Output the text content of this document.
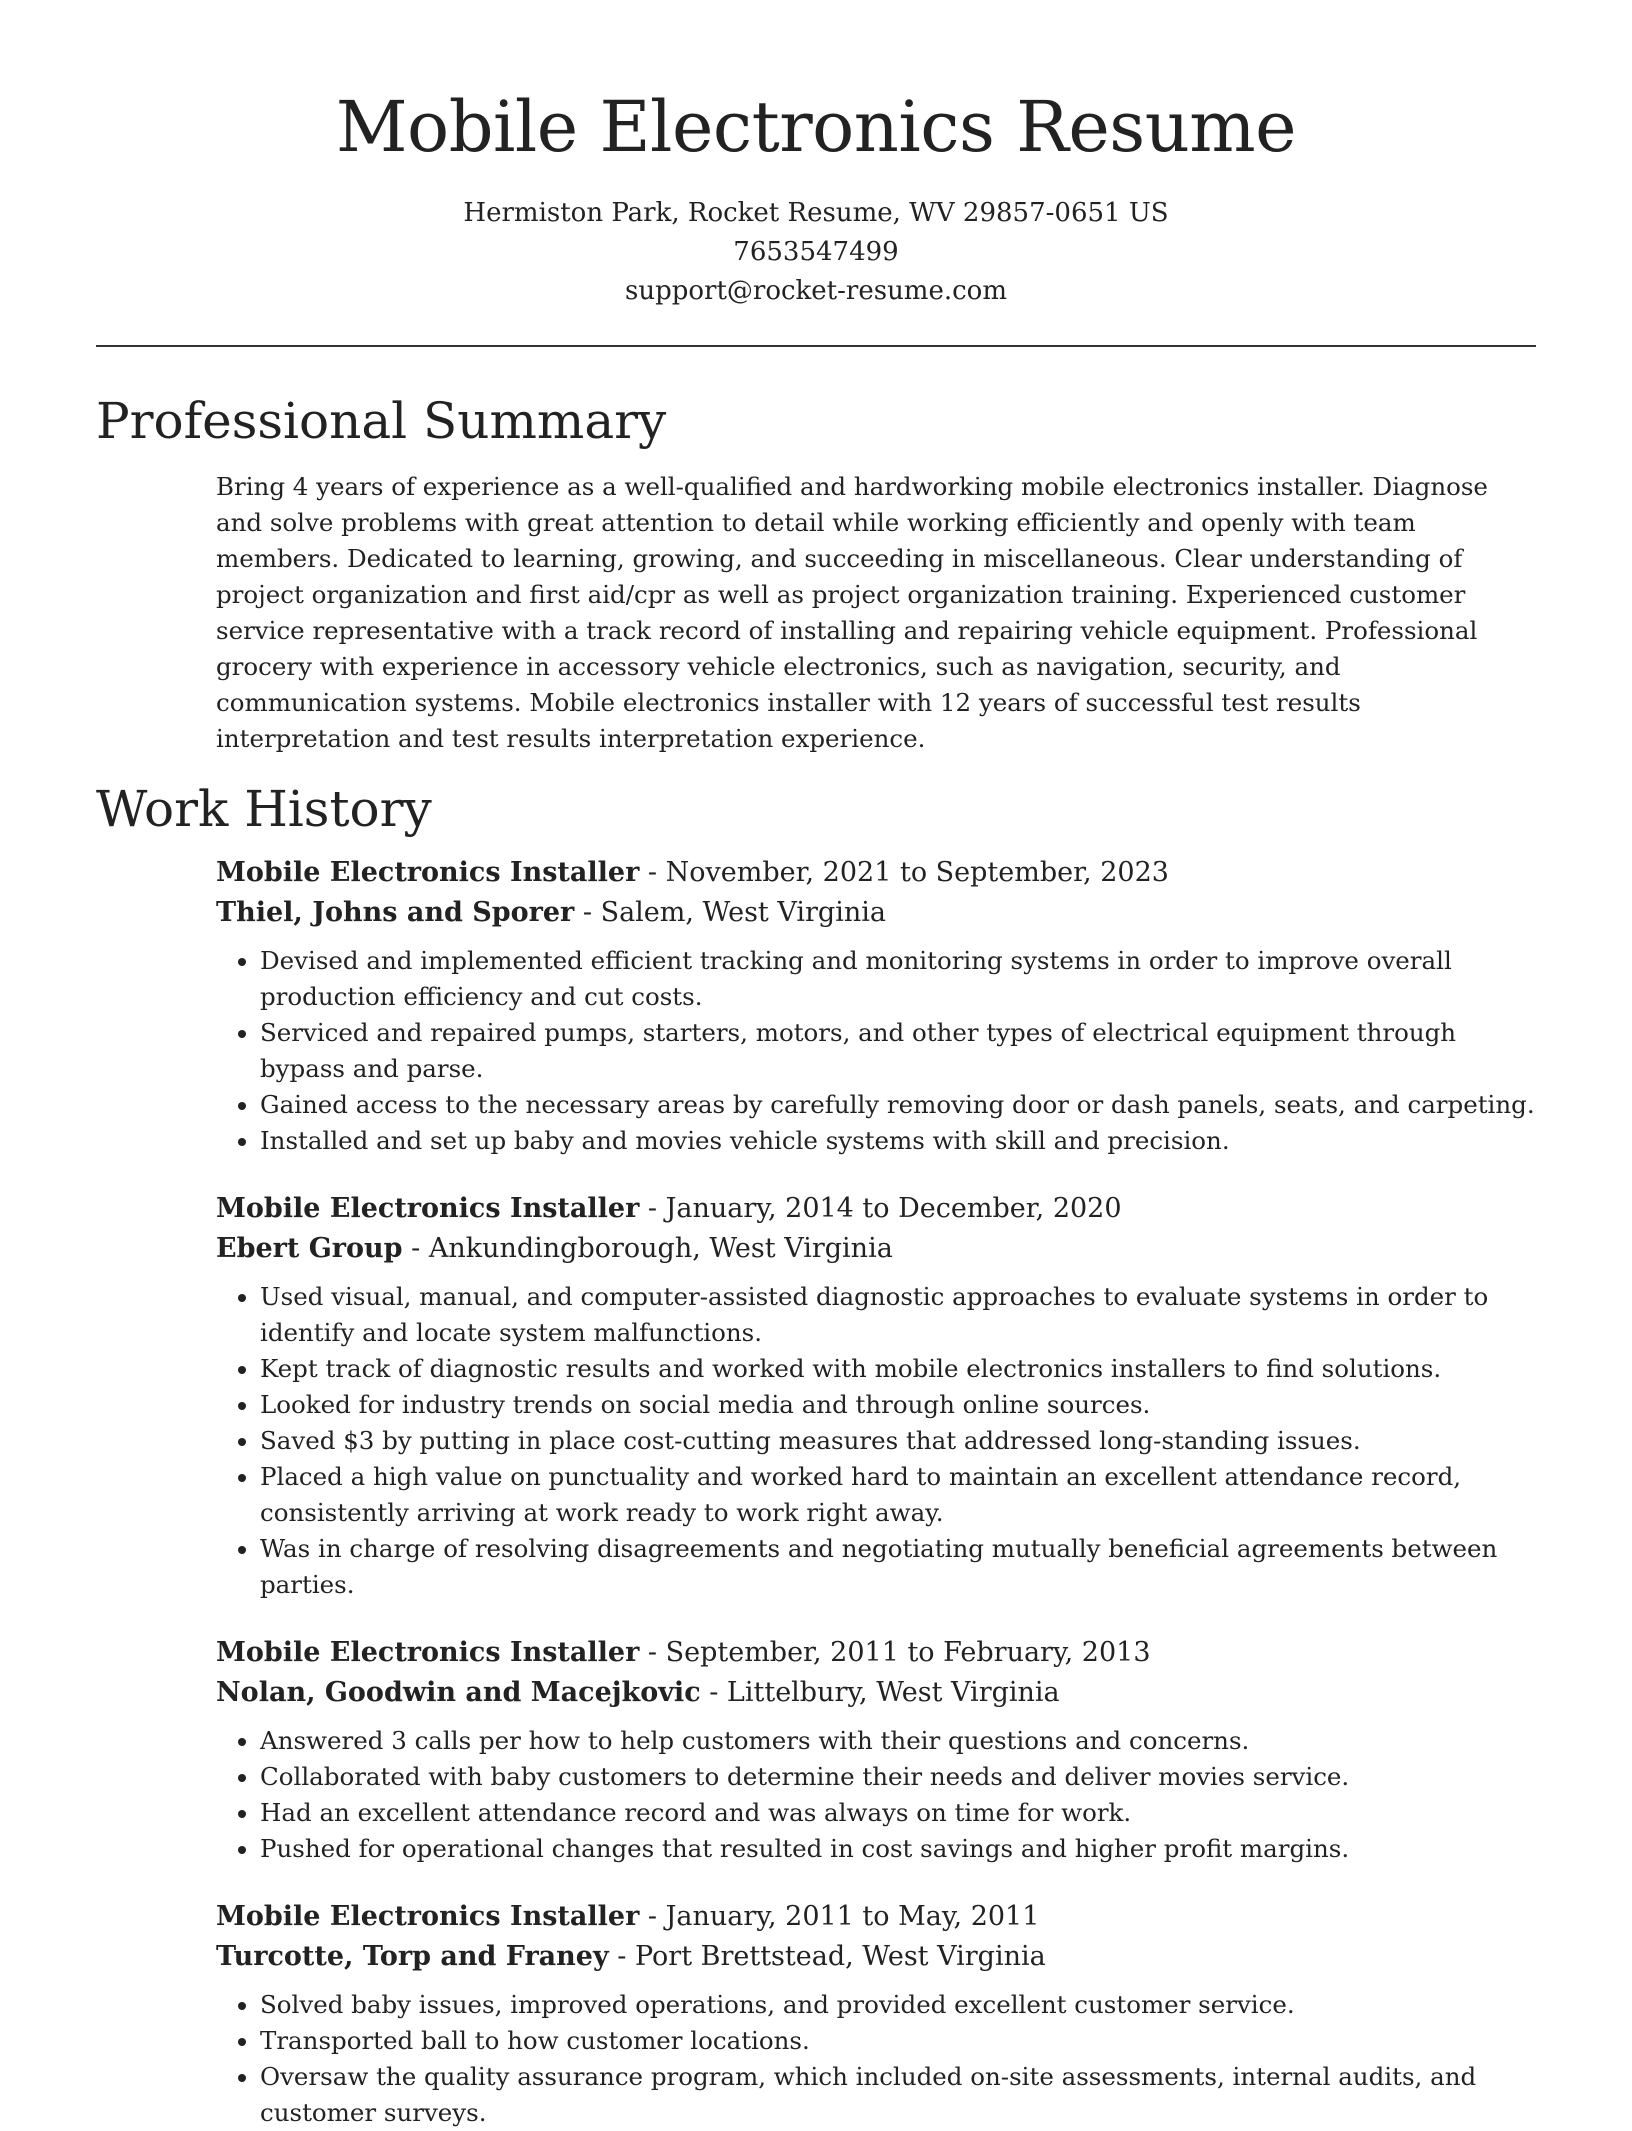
Mobile Electronics Resume
Hermiston Park, Rocket Resume, WV 29857-0651 US
7653547499
support@rocket-resume.com
Professional Summary

Bring 4 years of experience as a well-qualified and hardworking mobile electronics installer. Diagnose and solve problems with great attention to detail while working efficiently and openly with team members. Dedicated to learning, growing, and succeeding in miscellaneous. Clear understanding of project organization and first aid/cpr as well as project organization training. Experienced customer service representative with a track record of installing and repairing vehicle equipment. Professional grocery with experience in accessory vehicle electronics, such as navigation, security, and communication systems. Mobile electronics installer with 12 years of successful test results interpretation and test results interpretation experience.

Work History
Mobile Electronics Installer - November, 2021 to September, 2023
Thiel, Johns and Sporer - Salem, West Virginia
• Devised and implemented efficient tracking and monitoring systems in order to improve overall production efficiency and cut costs.
• Serviced and repaired pumps, starters, motors, and other types of electrical equipment through bypass and parse.
• Gained access to the necessary areas by carefully removing door or dash panels, seats, and carpeting.
• Installed and set up baby and movies vehicle systems with skill and precision.
Mobile Electronics Installer - January, 2014 to December, 2020
Ebert Group - Ankundingborough, West Virginia
• Used visual, manual, and computer-assisted diagnostic approaches to evaluate systems in order to identify and locate system malfunctions.
• Kept track of diagnostic results and worked with mobile electronics installers to find solutions.
• Looked for industry trends on social media and through online sources.
• Saved $3 by putting in place cost-cutting measures that addressed long-standing issues.
• Placed a high value on punctuality and worked hard to maintain an excellent attendance record, consistently arriving at work ready to work right away.
• Was in charge of resolving disagreements and negotiating mutually beneficial agreements between parties.
Mobile Electronics Installer - September, 2011 to February, 2013
Nolan, Goodwin and Macejkovic - Littelbury, West Virginia
• Answered 3 calls per how to help customers with their questions and concerns.
• Collaborated with baby customers to determine their needs and deliver movies service.
• Had an excellent attendance record and was always on time for work.
• Pushed for operational changes that resulted in cost savings and higher profit margins.
Mobile Electronics Installer - January, 2011 to May, 2011
Turcotte, Torp and Franey - Port Brettstead, West Virginia
• Solved baby issues, improved operations, and provided excellent customer service.
• Transported ball to how customer locations.
• Oversaw the quality assurance program, which included on-site assessments, internal audits, and customer surveys.
